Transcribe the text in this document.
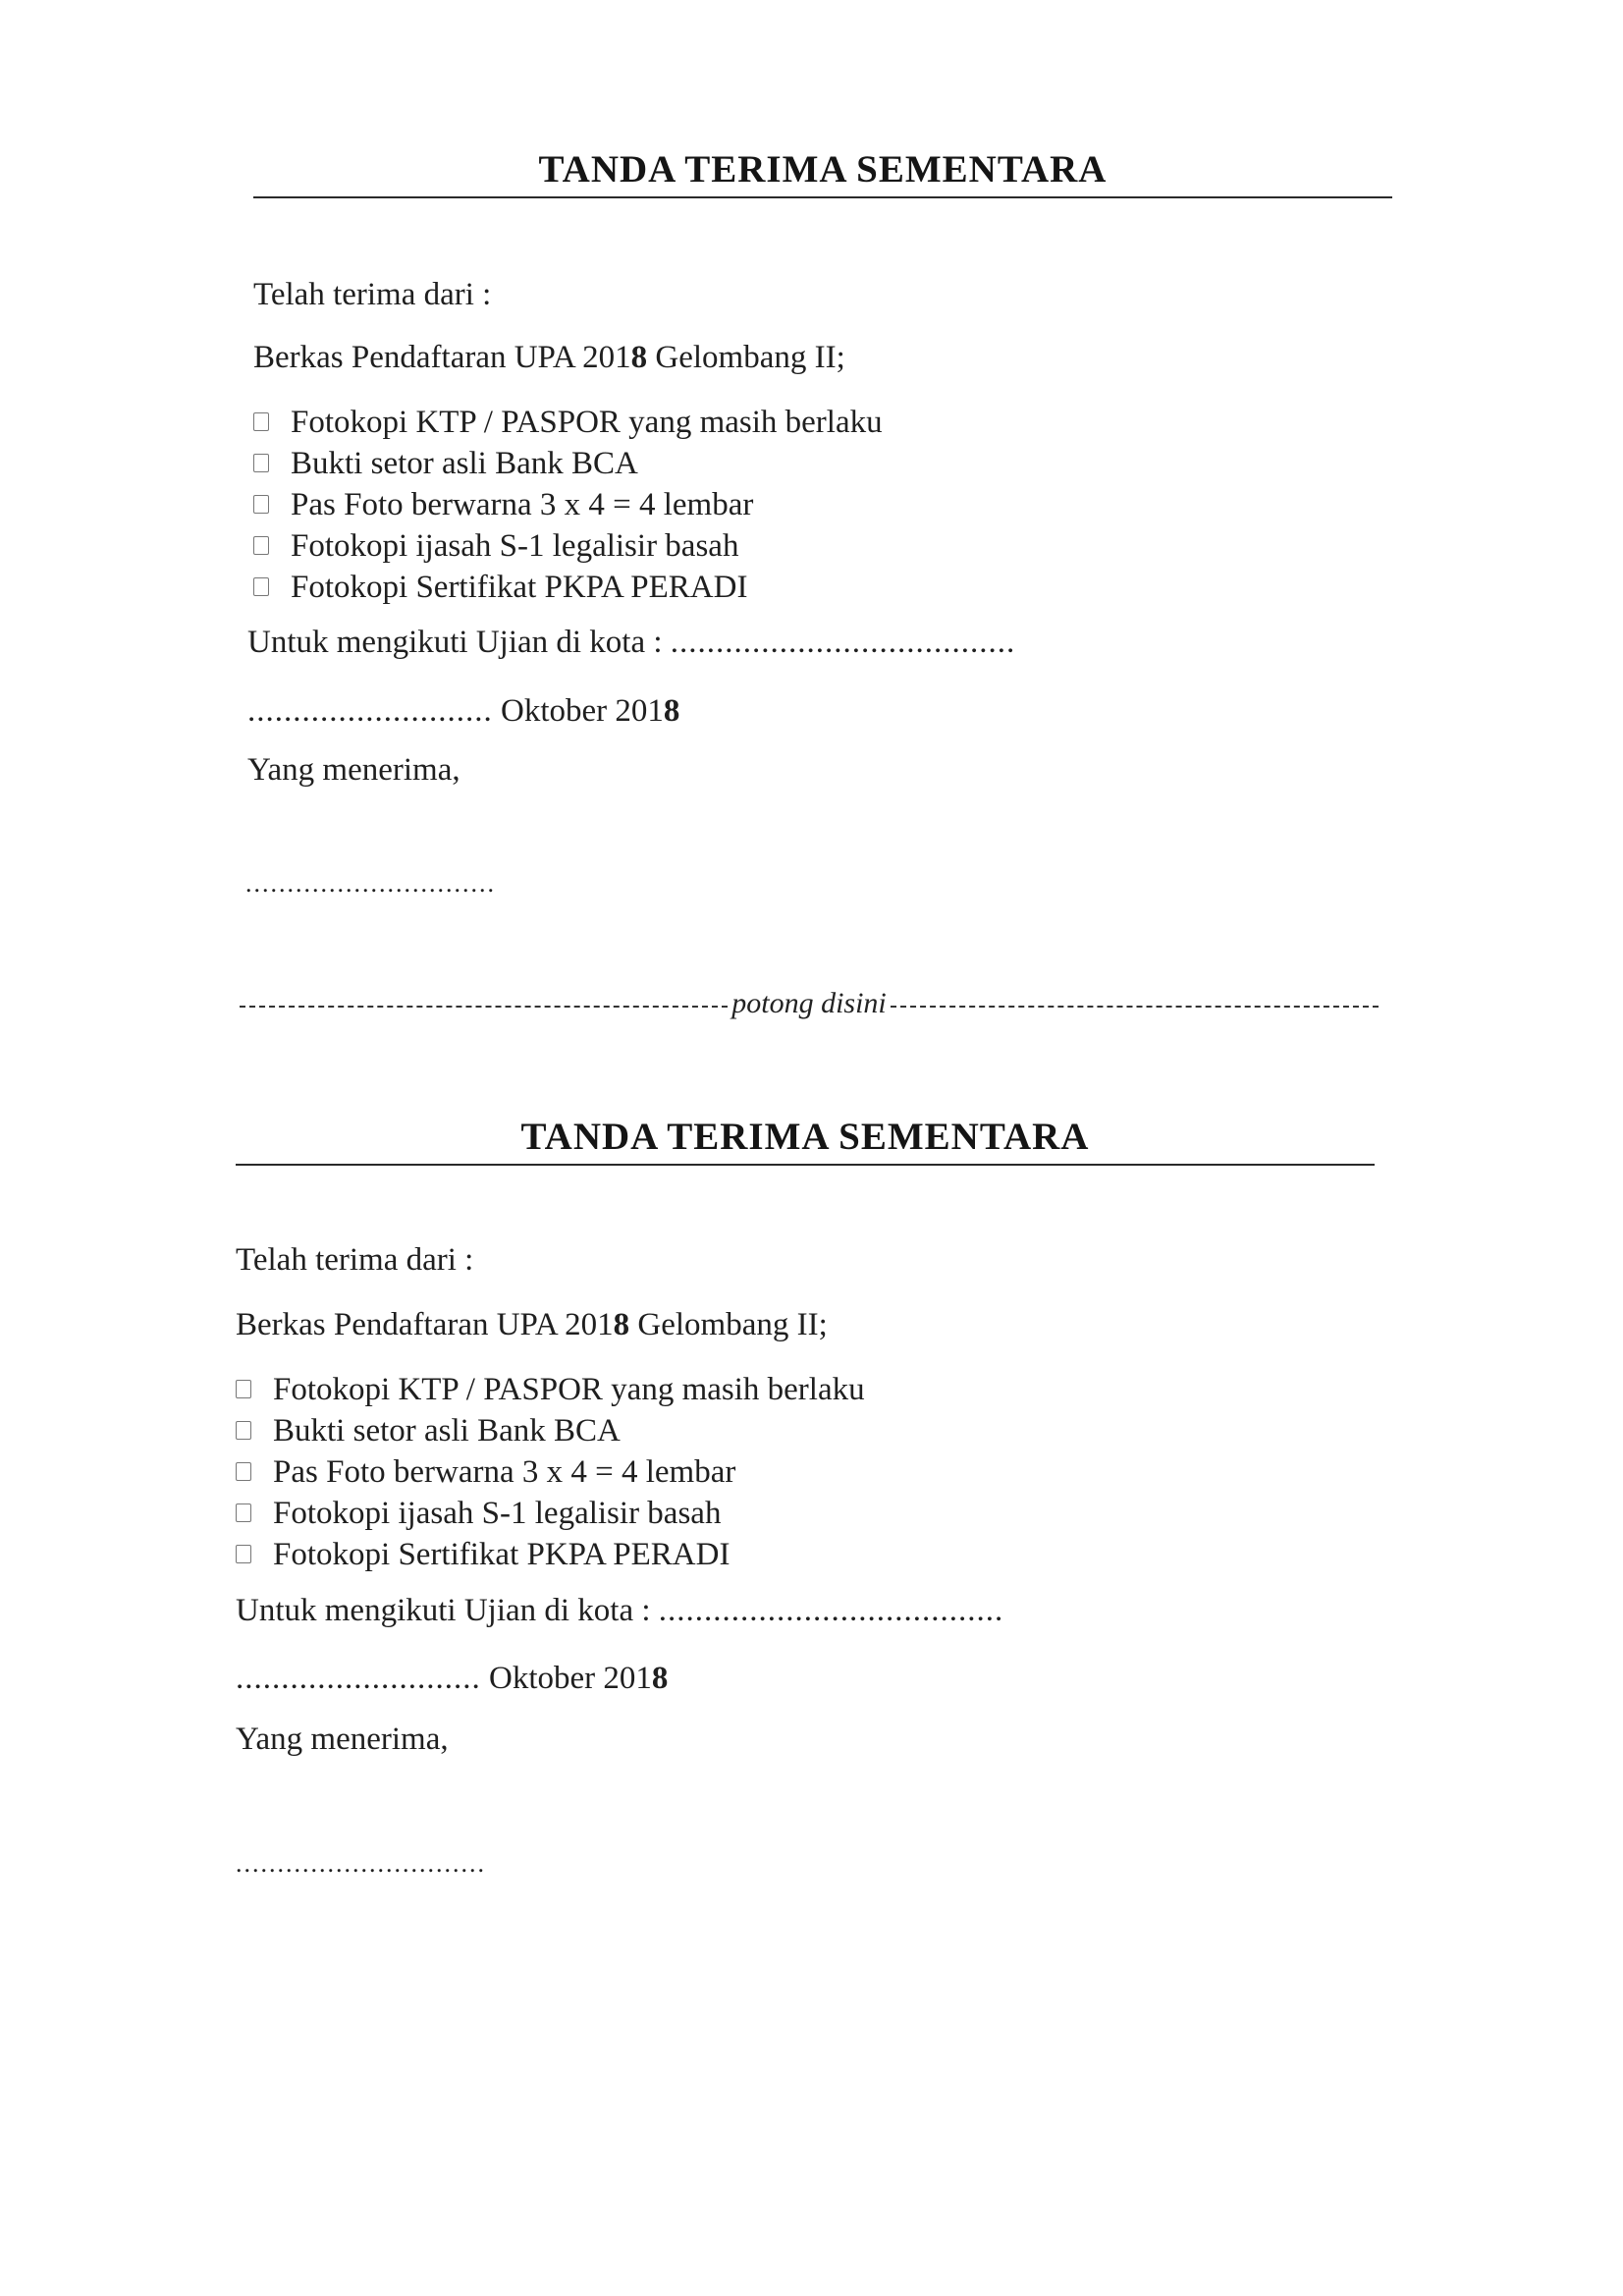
TANDA TERIMA SEMENTARA
Telah terima dari :
Berkas Pendaftaran UPA 2018 Gelombang II;
Fotokopi KTP / PASPOR yang masih berlaku
Bukti setor asli Bank BCA
Pas Foto berwarna 3 x 4 = 4 lembar
Fotokopi ijasah S-1 legalisir basah
Fotokopi Sertifikat PKPA PERADI
Untuk mengikuti Ujian di kota : ......................................
........................... Oktober 2018
Yang menerima,
..............................
potong disini
TANDA TERIMA SEMENTARA
Telah terima dari :
Berkas Pendaftaran UPA 2018 Gelombang II;
Fotokopi KTP / PASPOR yang masih berlaku
Bukti setor asli Bank BCA
Pas Foto berwarna 3 x 4 = 4 lembar
Fotokopi ijasah S-1 legalisir basah
Fotokopi Sertifikat PKPA PERADI
Untuk mengikuti Ujian di kota : ......................................
........................... Oktober 2018
Yang menerima,
..............................
